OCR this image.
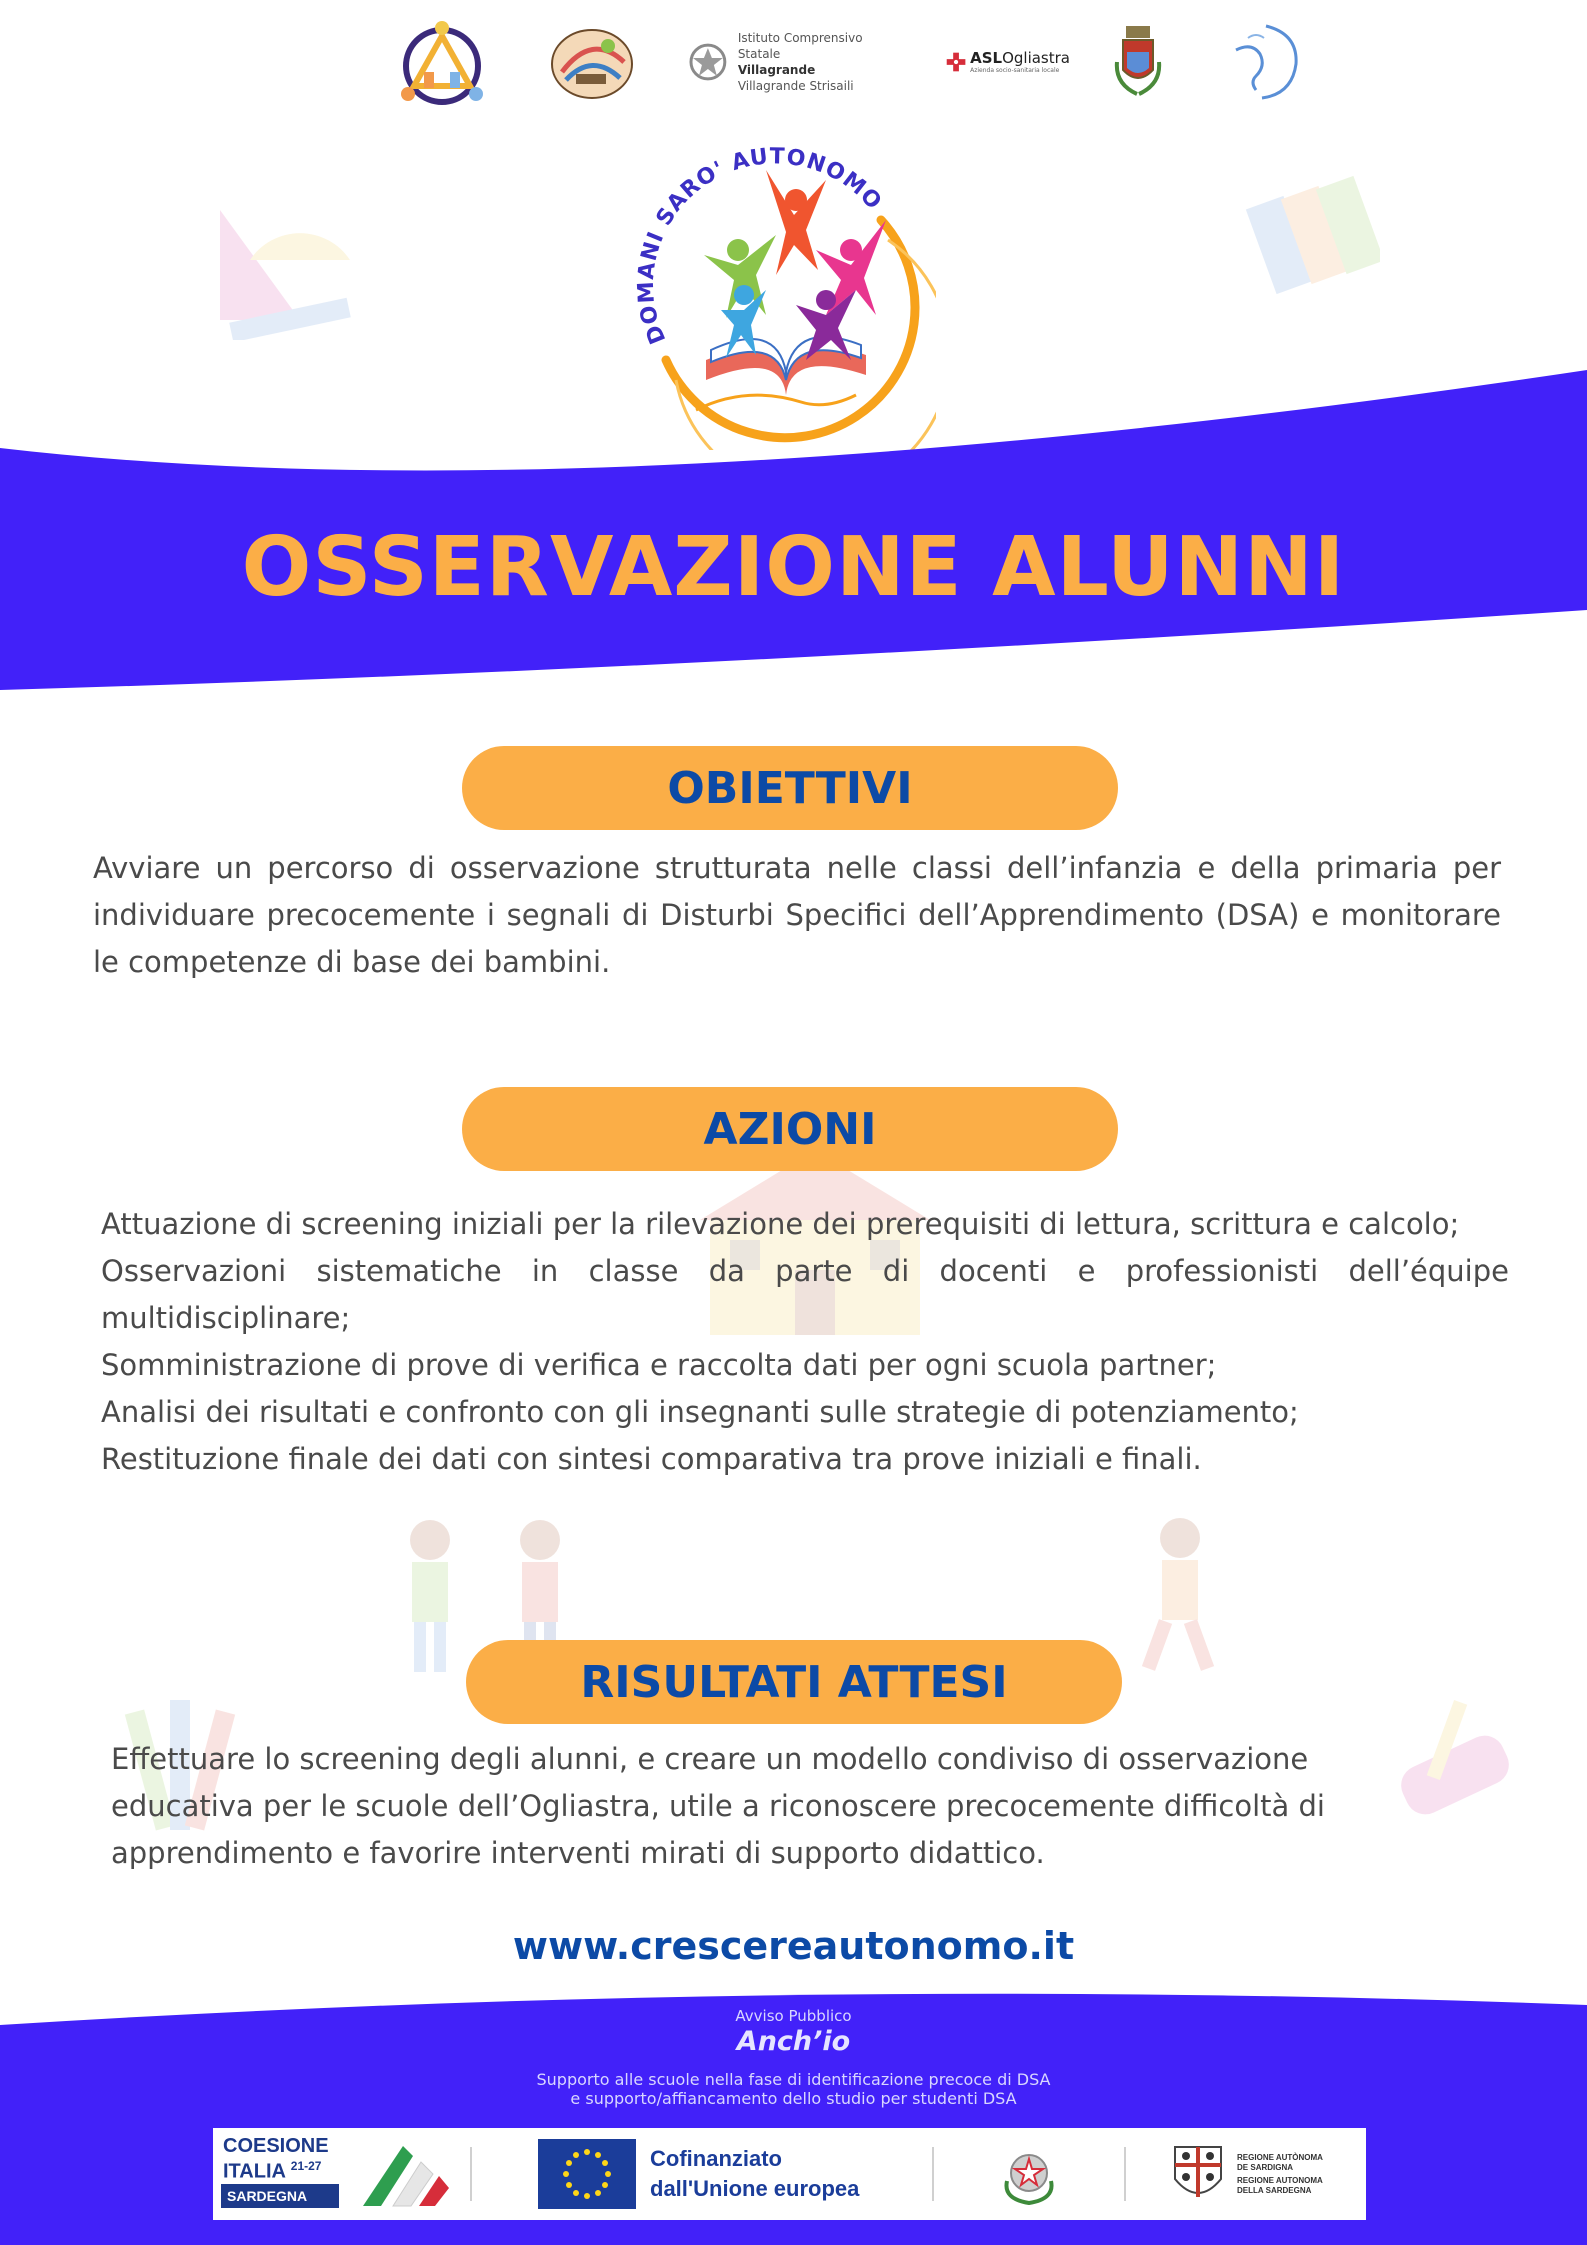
Istituto Comprensivo Statale
Villagrande
Villagrande Strisaili
ASLOgliastra
Azienda socio-sanitaria locale
DOMANI SARO' AUTONOMO
OSSERVAZIONE ALUNNI
OBIETTIVI
Avviare un percorso di osservazione strutturata nelle classi dell’infanzia e della primaria per individuare precocemente i segnali di Disturbi Specifici dell’Apprendimento (DSA) e monitorare le competenze di base dei bambini.
AZIONI

Attuazione di screening iniziali per la rilevazione dei prerequisiti di lettura, scrittura e calcolo;

Osservazioni sistematiche in classe da parte di docenti e professionisti dell’équipe multidisciplinare;

Somministrazione di prove di verifica e raccolta dati per ogni scuola partner;

Analisi dei risultati e confronto con gli insegnanti sulle strategie di potenziamento;

Restituzione finale dei dati con sintesi comparativa tra prove iniziali e finali.

RISULTATI ATTESI

Effettuare lo screening degli alunni, e creare un modello condiviso di osservazione

educativa per le scuole dell’Ogliastra, utile a riconoscere precocemente difficoltà di

apprendimento e favorire interventi mirati di supporto didattico.

www.crescereautonomo.it
Avviso Pubblico
Anch’io
Supporto alle scuole nella fase di identificazione precoce di DSA
e supporto/affiancamento dello studio per studenti DSA
COESIONE
ITALIA $^{21-27}$
SARDEGNA
Cofinanziato
dall'Unione europea
REGIONE AUTÒNOMA
DE SARDIGNA
REGIONE AUTONOMA
DELLA SARDEGNA
